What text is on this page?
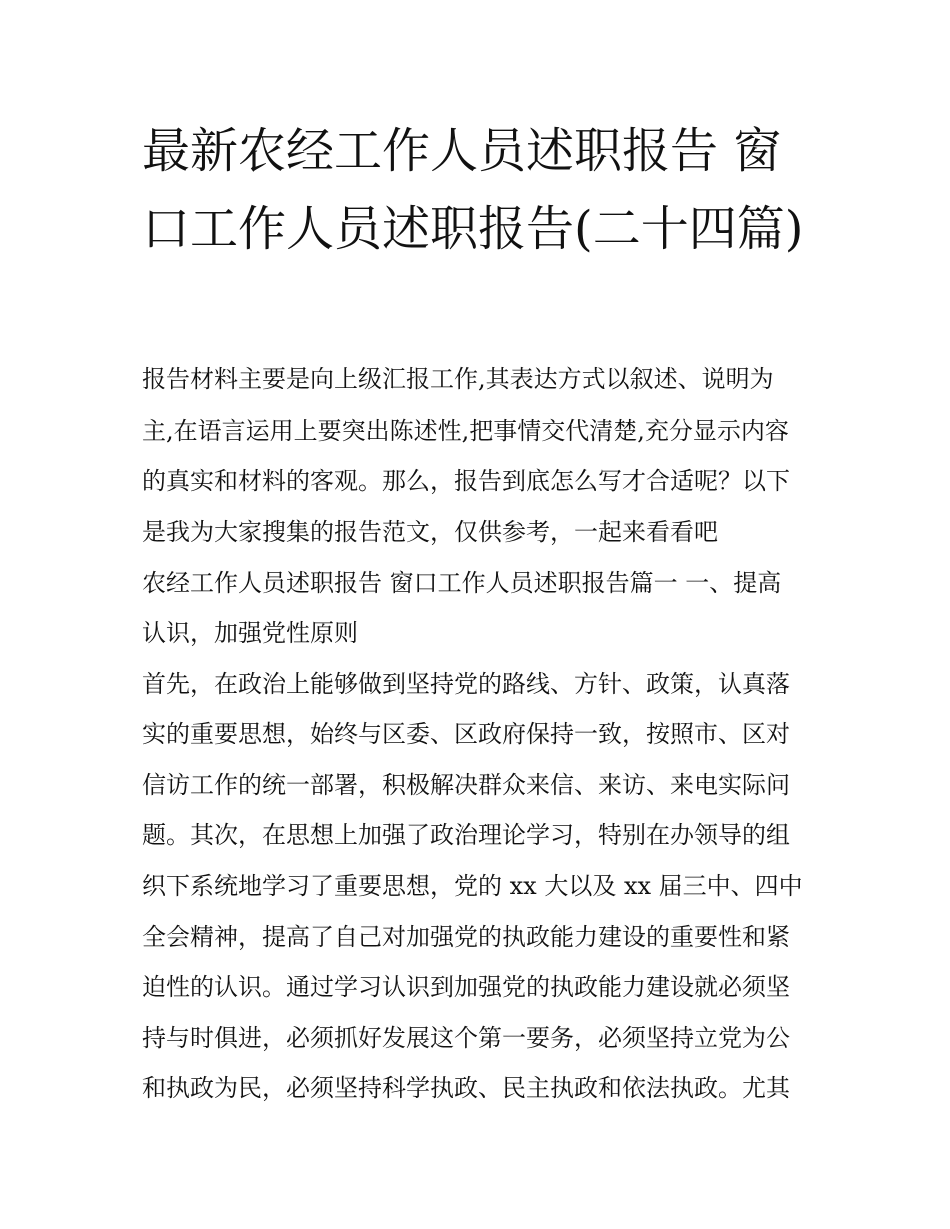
最新农经工作人员述职报告 窗口工作人员述职报告(二十四篇)

报告材料主要是向上级汇报工作,其表达方式以叙述、说明为

主,在语言运用上要突出陈述性,把事情交代清楚,充分显示内容

的真实和材料的客观。那么，报告到底怎么写才合适呢？以下

是我为大家搜集的报告范文，仅供参考，一起来看看吧

农经工作人员述职报告 窗口工作人员述职报告篇一 一、提高

认识，加强党性原则

首先，在政治上能够做到坚持党的路线、方针、政策，认真落

实的重要思想，始终与区委、区政府保持一致，按照市、区对

信访工作的统一部署，积极解决群众来信、来访、来电实际问

题。其次，在思想上加强了政治理论学习，特别在办领导的组

织下系统地学习了重要思想，党的 xx 大以及 xx 届三中、四中

全会精神，提高了自己对加强党的执政能力建设的重要性和紧

迫性的认识。通过学习认识到加强党的执政能力建设就必须坚

持与时俱进，必须抓好发展这个第一要务，必须坚持立党为公

和执政为民，必须坚持科学执政、民主执政和依法执政。尤其
